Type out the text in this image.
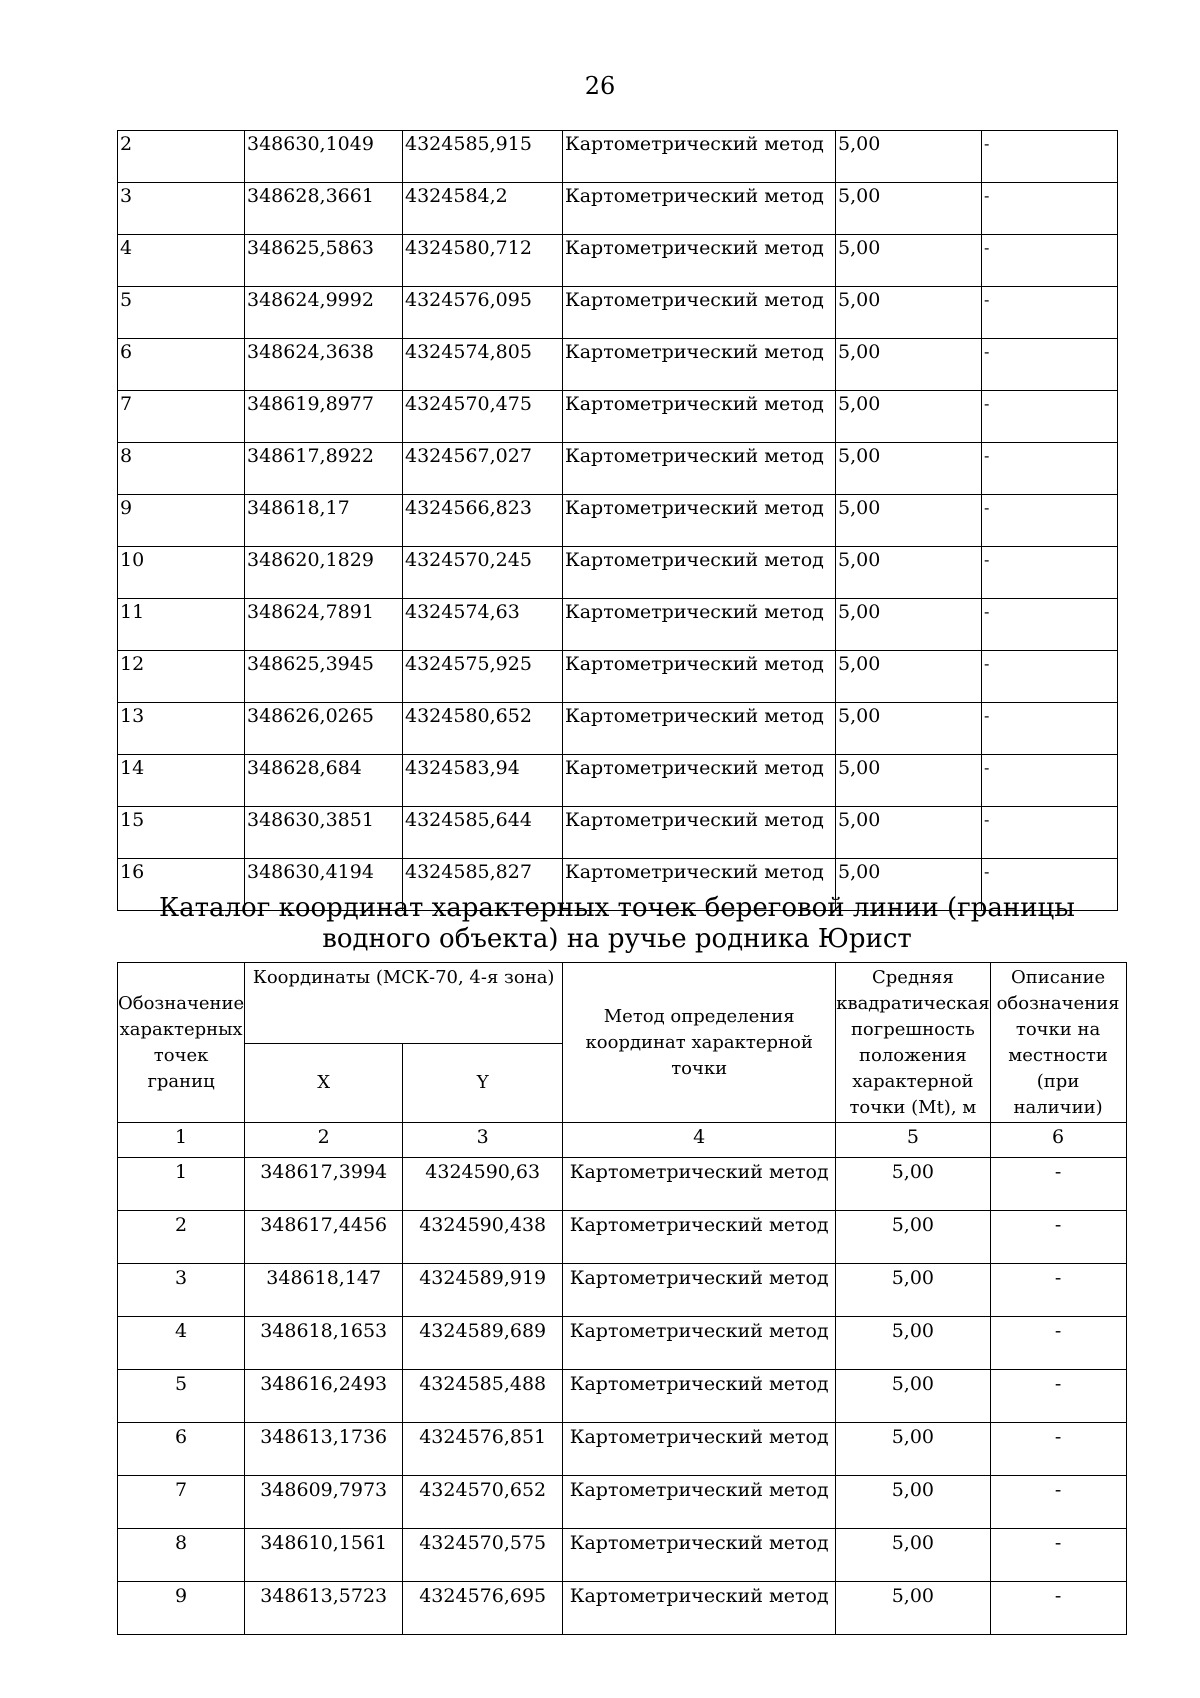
26
2	348630,1049	4324585,915	Картометрический метод	5,00	-
3	348628,3661	4324584,2	Картометрический метод	5,00	-
4	348625,5863	4324580,712	Картометрический метод	5,00	-
5	348624,9992	4324576,095	Картометрический метод	5,00	-
6	348624,3638	4324574,805	Картометрический метод	5,00	-
7	348619,8977	4324570,475	Картометрический метод	5,00	-
8	348617,8922	4324567,027	Картометрический метод	5,00	-
9	348618,17	4324566,823	Картометрический метод	5,00	-
10	348620,1829	4324570,245	Картометрический метод	5,00	-
11	348624,7891	4324574,63	Картометрический метод	5,00	-
12	348625,3945	4324575,925	Картометрический метод	5,00	-
13	348626,0265	4324580,652	Картометрический метод	5,00	-
14	348628,684	4324583,94	Картометрический метод	5,00	-
15	348630,3851	4324585,644	Картометрический метод	5,00	-
16	348630,4194	4324585,827	Картометрический метод	5,00	-
Каталог координат характерных точек береговой линии (границы водного объекта) на ручье родника Юрист
Обозначение характерных точек границ	Координаты (МСК-70, 4-я зона)		Метод определения координат характерной точки	Средняя квадратическая погрешность положения характерной точки (Mt), м	Описание обозначения точки на местности (при наличии)
	X	Y			
1	2	3	4	5	6
1	348617,3994	4324590,63	Картометрический метод	5,00	-
2	348617,4456	4324590,438	Картометрический метод	5,00	-
3	348618,147	4324589,919	Картометрический метод	5,00	-
4	348618,1653	4324589,689	Картометрический метод	5,00	-
5	348616,2493	4324585,488	Картометрический метод	5,00	-
6	348613,1736	4324576,851	Картометрический метод	5,00	-
7	348609,7973	4324570,652	Картометрический метод	5,00	-
8	348610,1561	4324570,575	Картометрический метод	5,00	-
9	348613,5723	4324576,695	Картометрический метод	5,00	-
